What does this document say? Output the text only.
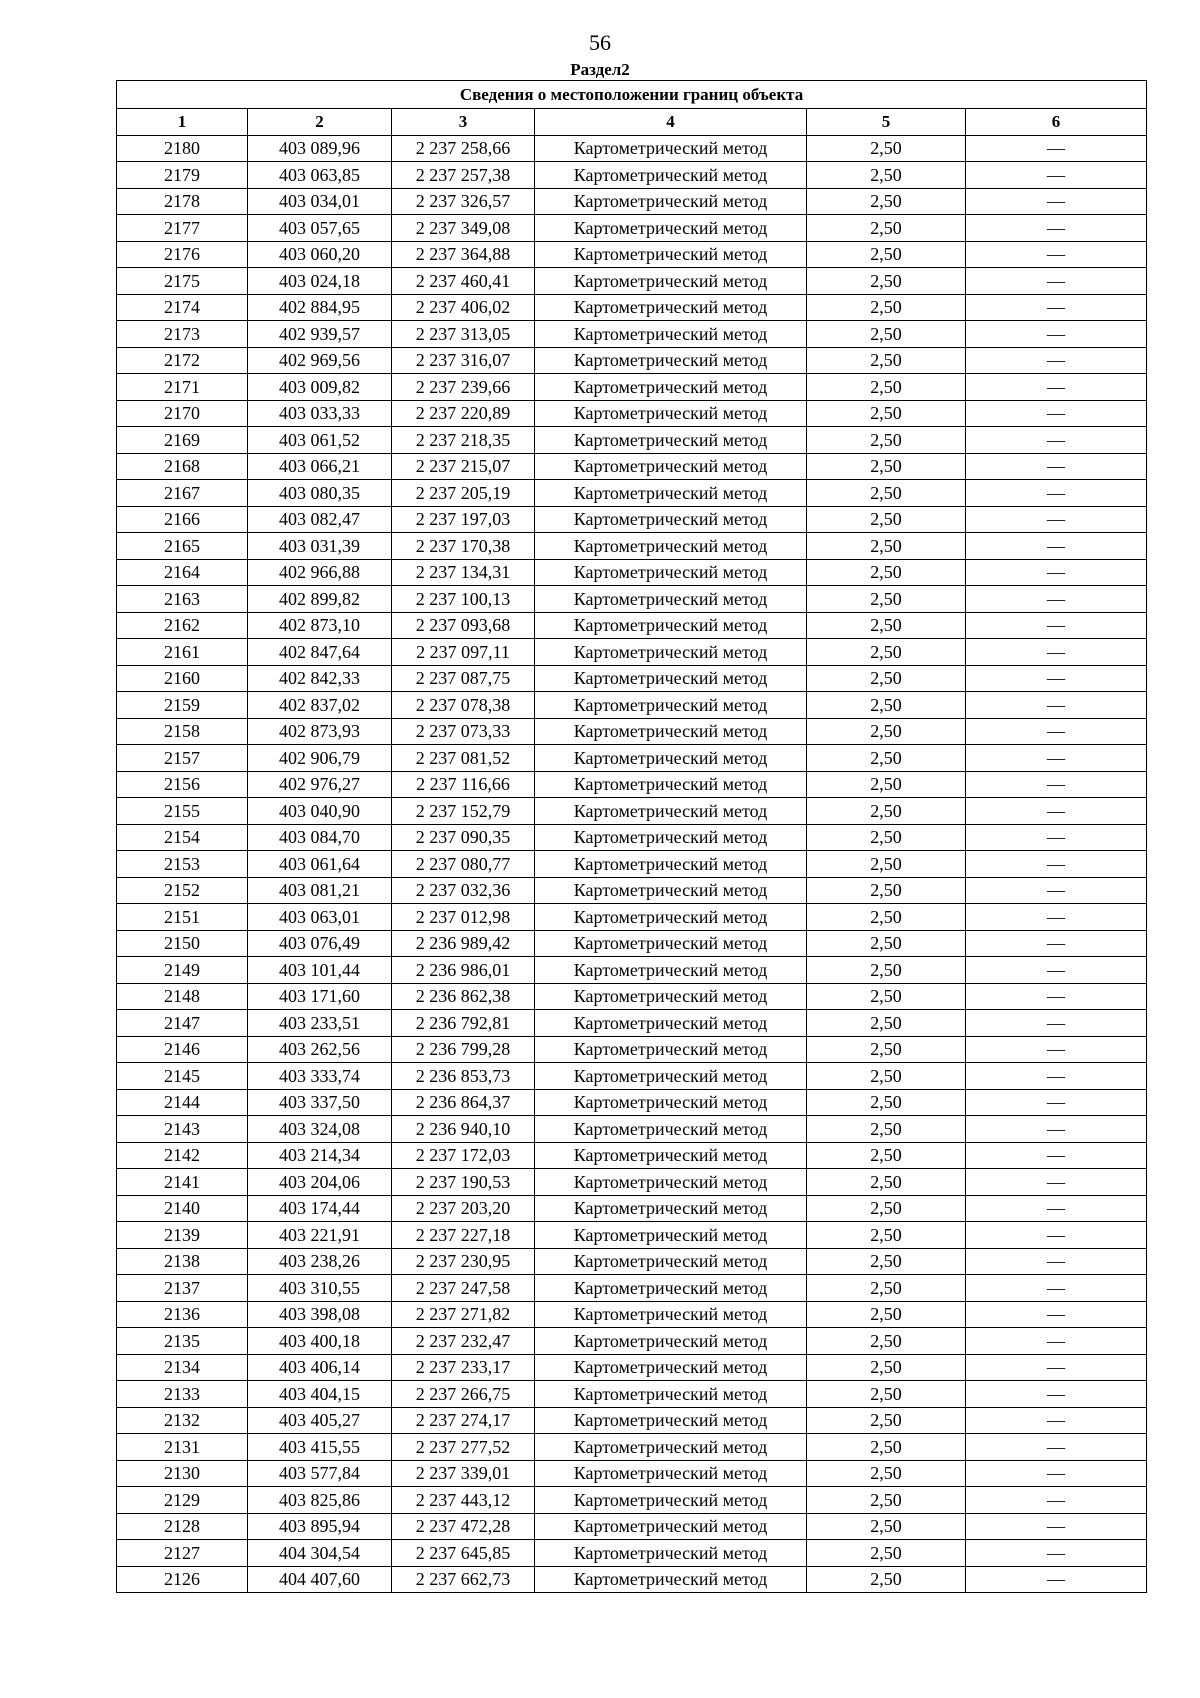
56
Раздел2
Сведения о местоположении границ объекта					
1	2	3	4	5	6
2180	403 089,96	2 237 258,66	Картометрический метод	2,50	—
2179	403 063,85	2 237 257,38	Картометрический метод	2,50	—
2178	403 034,01	2 237 326,57	Картометрический метод	2,50	—
2177	403 057,65	2 237 349,08	Картометрический метод	2,50	—
2176	403 060,20	2 237 364,88	Картометрический метод	2,50	—
2175	403 024,18	2 237 460,41	Картометрический метод	2,50	—
2174	402 884,95	2 237 406,02	Картометрический метод	2,50	—
2173	402 939,57	2 237 313,05	Картометрический метод	2,50	—
2172	402 969,56	2 237 316,07	Картометрический метод	2,50	—
2171	403 009,82	2 237 239,66	Картометрический метод	2,50	—
2170	403 033,33	2 237 220,89	Картометрический метод	2,50	—
2169	403 061,52	2 237 218,35	Картометрический метод	2,50	—
2168	403 066,21	2 237 215,07	Картометрический метод	2,50	—
2167	403 080,35	2 237 205,19	Картометрический метод	2,50	—
2166	403 082,47	2 237 197,03	Картометрический метод	2,50	—
2165	403 031,39	2 237 170,38	Картометрический метод	2,50	—
2164	402 966,88	2 237 134,31	Картометрический метод	2,50	—
2163	402 899,82	2 237 100,13	Картометрический метод	2,50	—
2162	402 873,10	2 237 093,68	Картометрический метод	2,50	—
2161	402 847,64	2 237 097,11	Картометрический метод	2,50	—
2160	402 842,33	2 237 087,75	Картометрический метод	2,50	—
2159	402 837,02	2 237 078,38	Картометрический метод	2,50	—
2158	402 873,93	2 237 073,33	Картометрический метод	2,50	—
2157	402 906,79	2 237 081,52	Картометрический метод	2,50	—
2156	402 976,27	2 237 116,66	Картометрический метод	2,50	—
2155	403 040,90	2 237 152,79	Картометрический метод	2,50	—
2154	403 084,70	2 237 090,35	Картометрический метод	2,50	—
2153	403 061,64	2 237 080,77	Картометрический метод	2,50	—
2152	403 081,21	2 237 032,36	Картометрический метод	2,50	—
2151	403 063,01	2 237 012,98	Картометрический метод	2,50	—
2150	403 076,49	2 236 989,42	Картометрический метод	2,50	—
2149	403 101,44	2 236 986,01	Картометрический метод	2,50	—
2148	403 171,60	2 236 862,38	Картометрический метод	2,50	—
2147	403 233,51	2 236 792,81	Картометрический метод	2,50	—
2146	403 262,56	2 236 799,28	Картометрический метод	2,50	—
2145	403 333,74	2 236 853,73	Картометрический метод	2,50	—
2144	403 337,50	2 236 864,37	Картометрический метод	2,50	—
2143	403 324,08	2 236 940,10	Картометрический метод	2,50	—
2142	403 214,34	2 237 172,03	Картометрический метод	2,50	—
2141	403 204,06	2 237 190,53	Картометрический метод	2,50	—
2140	403 174,44	2 237 203,20	Картометрический метод	2,50	—
2139	403 221,91	2 237 227,18	Картометрический метод	2,50	—
2138	403 238,26	2 237 230,95	Картометрический метод	2,50	—
2137	403 310,55	2 237 247,58	Картометрический метод	2,50	—
2136	403 398,08	2 237 271,82	Картометрический метод	2,50	—
2135	403 400,18	2 237 232,47	Картометрический метод	2,50	—
2134	403 406,14	2 237 233,17	Картометрический метод	2,50	—
2133	403 404,15	2 237 266,75	Картометрический метод	2,50	—
2132	403 405,27	2 237 274,17	Картометрический метод	2,50	—
2131	403 415,55	2 237 277,52	Картометрический метод	2,50	—
2130	403 577,84	2 237 339,01	Картометрический метод	2,50	—
2129	403 825,86	2 237 443,12	Картометрический метод	2,50	—
2128	403 895,94	2 237 472,28	Картометрический метод	2,50	—
2127	404 304,54	2 237 645,85	Картометрический метод	2,50	—
2126	404 407,60	2 237 662,73	Картометрический метод	2,50	—
